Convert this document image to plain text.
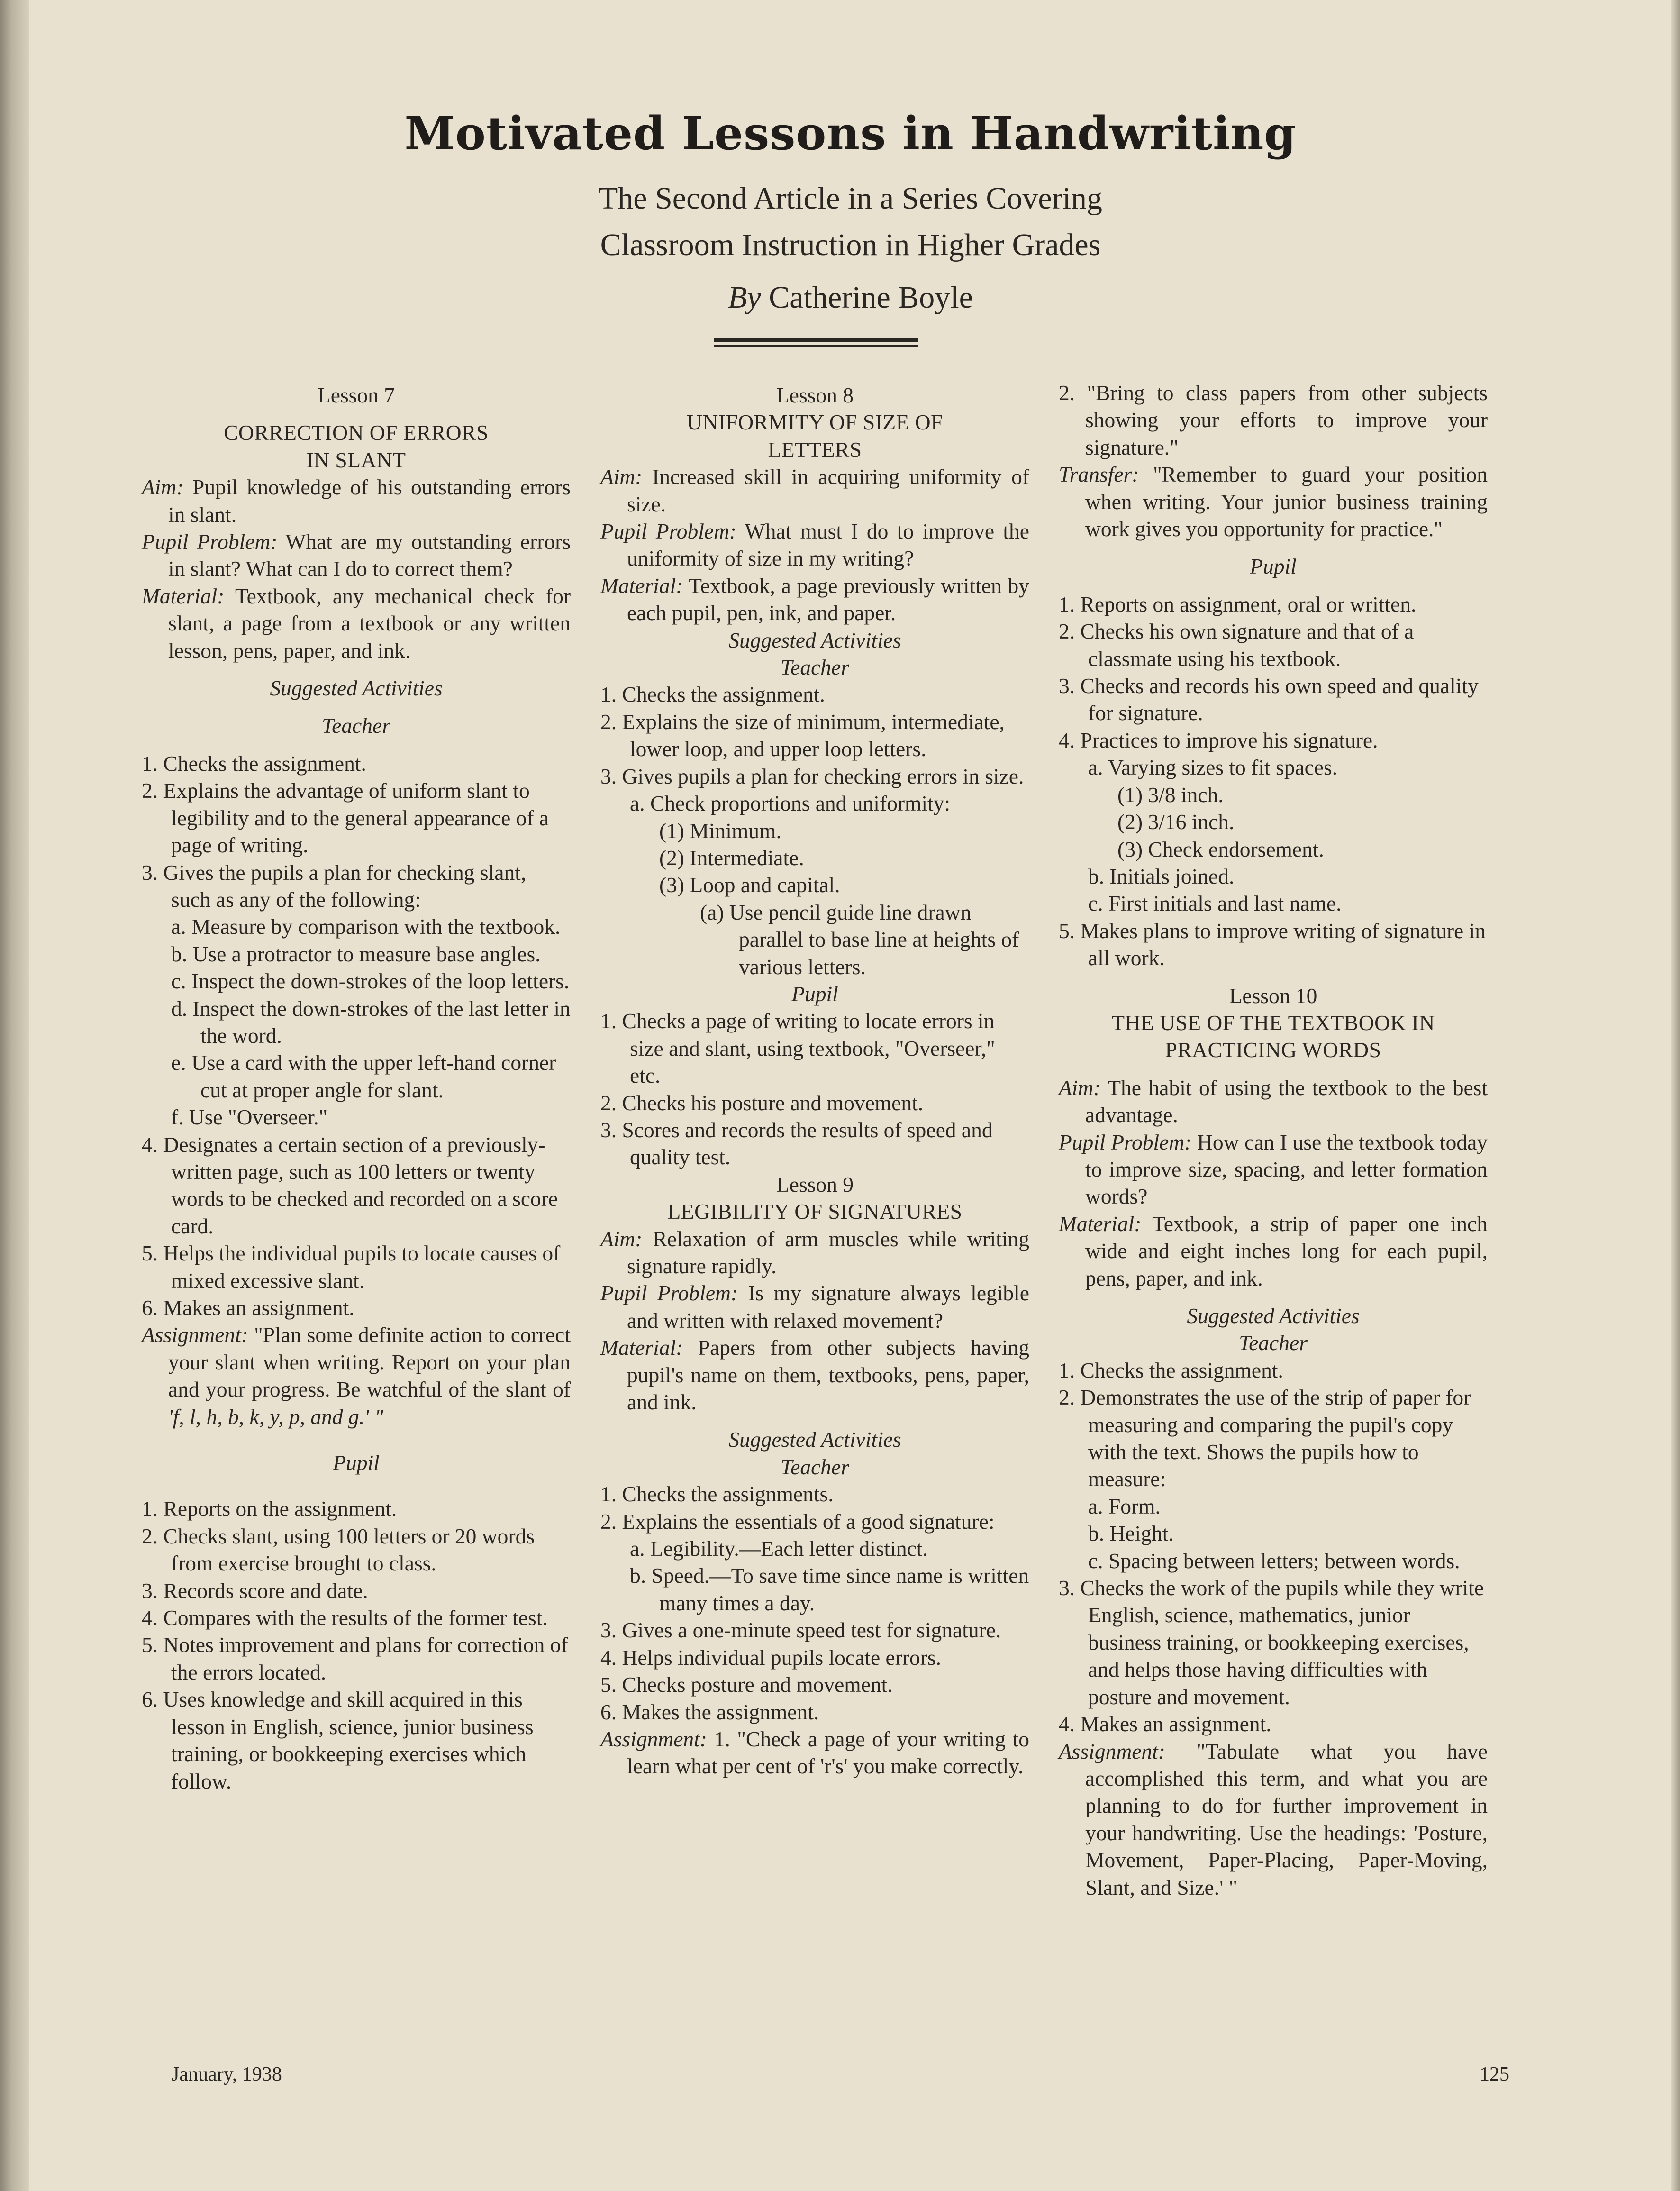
Motivated Lessons in Handwriting
The Second Article in a Series Covering
Classroom Instruction in Higher Grades
By Catherine Boyle

Lesson 7

CORRECTION OF ERRORS

IN SLANT

Aim: Pupil knowledge of his outstanding errors in slant.

Pupil Problem: What are my outstanding errors in slant? What can I do to correct them?

Material: Textbook, any mechanical check for slant, a page from a textbook or any written lesson, pens, paper, and ink.

Suggested Activities

Teacher

1. Checks the assignment.

2. Explains the advantage of uniform slant to legibility and to the general appearance of a page of writing.

3. Gives the pupils a plan for checking slant, such as any of the following:

a. Measure by comparison with the textbook.

b. Use a protractor to measure base angles.

c. Inspect the down-strokes of the loop letters.

d. Inspect the down-strokes of the last letter in the word.

e. Use a card with the upper left-hand corner cut at proper angle for slant.

f. Use "Overseer."

4. Designates a certain section of a previously-written page, such as 100 letters or twenty words to be checked and recorded on a score card.

5. Helps the individual pupils to locate causes of mixed excessive slant.

6. Makes an assignment.

Assignment: "Plan some definite action to correct your slant when writing. Report on your plan and your progress. Be watchful of the slant of 'f, l, h, b, k, y, p, and g.' "

Pupil

1. Reports on the assignment.

2. Checks slant, using 100 letters or 20 words from exercise brought to class.

3. Records score and date.

4. Compares with the results of the former test.

5. Notes improvement and plans for correction of the errors located.

6. Uses knowledge and skill acquired in this lesson in English, science, junior business training, or bookkeeping exercises which follow.

Lesson 8

UNIFORMITY OF SIZE OF

LETTERS

Aim: Increased skill in acquiring uniformity of size.

Pupil Problem: What must I do to improve the uniformity of size in my writing?

Material: Textbook, a page previously written by each pupil, pen, ink, and paper.

Suggested Activities

Teacher

1. Checks the assignment.

2. Explains the size of minimum, intermediate, lower loop, and upper loop letters.

3. Gives pupils a plan for checking errors in size.

a. Check proportions and uniformity:

(1) Minimum.

(2) Intermediate.

(3) Loop and capital.

(a) Use pencil guide line drawn parallel to base line at heights of various letters.

Pupil

1. Checks a page of writing to locate errors in size and slant, using textbook, "Overseer," etc.

2. Checks his posture and movement.

3. Scores and records the results of speed and quality test.

Lesson 9

LEGIBILITY OF SIGNATURES

Aim: Relaxation of arm muscles while writing signature rapidly.

Pupil Problem: Is my signature always legible and written with relaxed movement?

Material: Papers from other subjects having pupil's name on them, textbooks, pens, paper, and ink.

Suggested Activities

Teacher

1. Checks the assignments.

2. Explains the essentials of a good signature:

a. Legibility.—Each letter distinct.

b. Speed.—To save time since name is written many times a day.

3. Gives a one-minute speed test for signature.

4. Helps individual pupils locate errors.

5. Checks posture and movement.

6. Makes the assignment.

Assignment: 1. "Check a page of your writing to learn what per cent of 'r's' you make correctly.

2. "Bring to class papers from other subjects showing your efforts to improve your signature."

Transfer: "Remember to guard your position when writing. Your junior business training work gives you opportunity for practice."

Pupil

1. Reports on assignment, oral or written.

2. Checks his own signature and that of a classmate using his textbook.

3. Checks and records his own speed and quality for signature.

4. Practices to improve his signature.

a. Varying sizes to fit spaces.

(1) 3/8 inch.

(2) 3/16 inch.

(3) Check endorsement.

b. Initials joined.

c. First initials and last name.

5. Makes plans to improve writing of signature in all work.

Lesson 10

THE USE OF THE TEXTBOOK IN

PRACTICING WORDS

Aim: The habit of using the textbook to the best advantage.

Pupil Problem: How can I use the textbook today to improve size, spacing, and letter formation words?

Material: Textbook, a strip of paper one inch wide and eight inches long for each pupil, pens, paper, and ink.

Suggested Activities

Teacher

1. Checks the assignment.

2. Demonstrates the use of the strip of paper for measuring and comparing the pupil's copy with the text. Shows the pupils how to measure:

a. Form.

b. Height.

c. Spacing between letters; between words.

3. Checks the work of the pupils while they write English, science, mathematics, junior business training, or bookkeeping exercises, and helps those having difficulties with posture and movement.

4. Makes an assignment.

Assignment: "Tabulate what you have accomplished this term, and what you are planning to do for further improvement in your handwriting. Use the headings: 'Posture, Movement, Paper-Placing, Paper-Moving, Slant, and Size.' "

January, 1938	125
